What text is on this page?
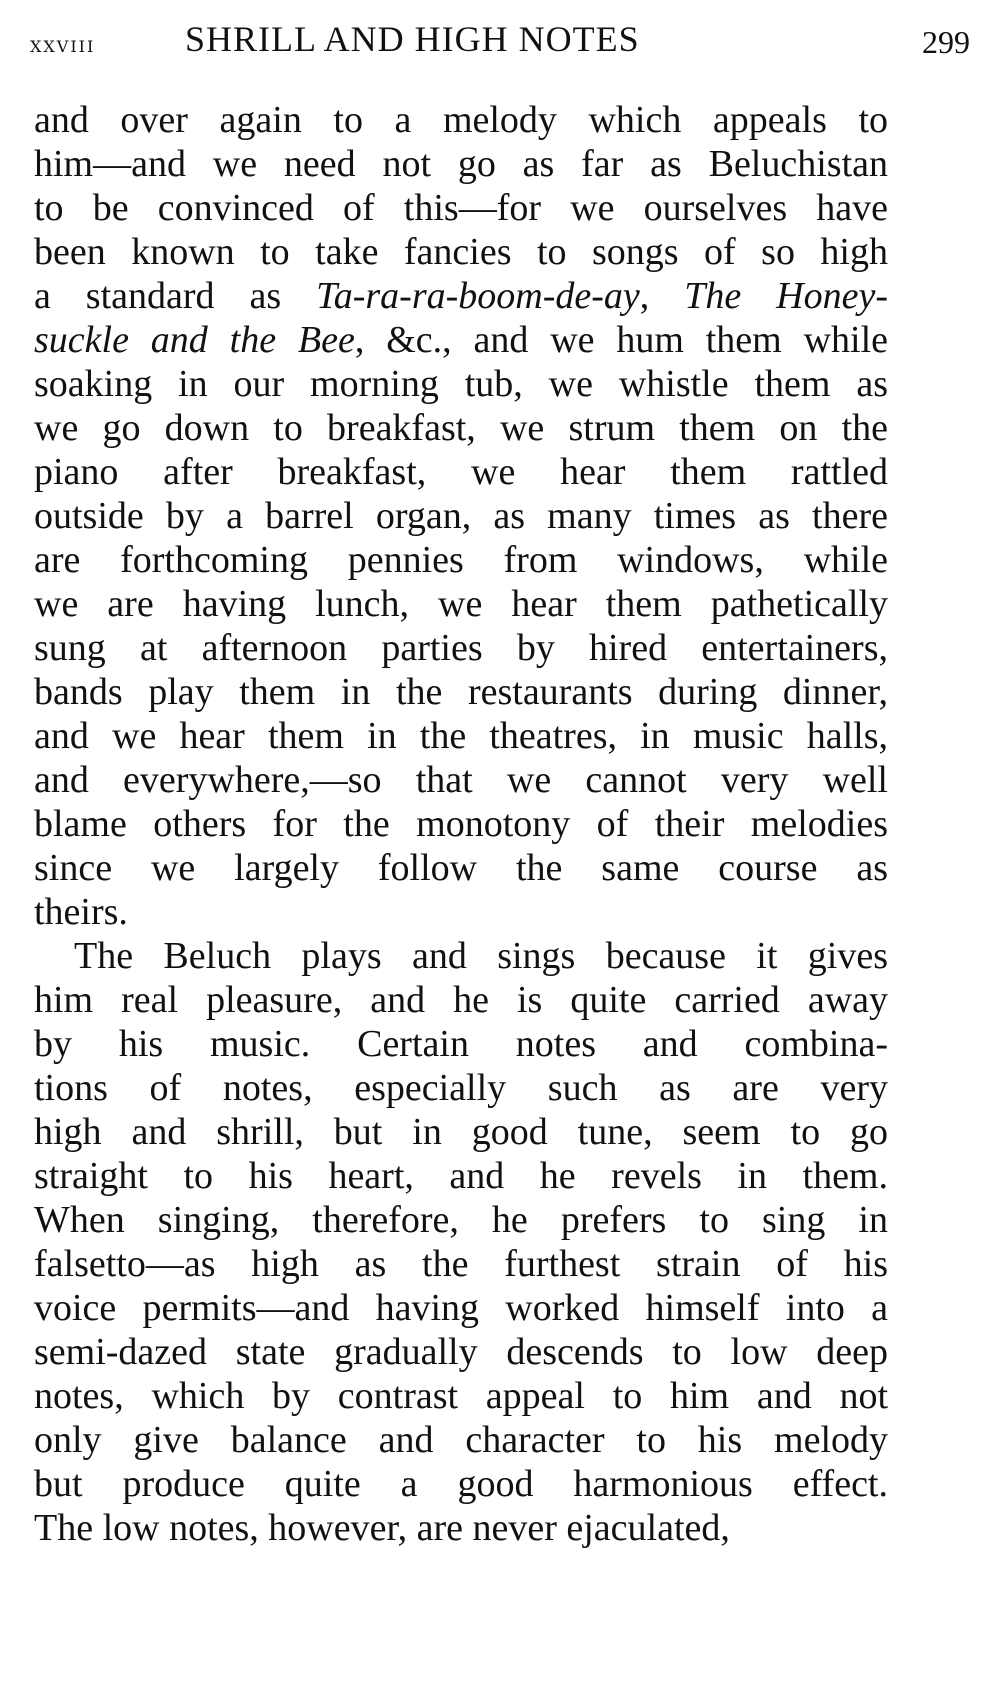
xxviii SHRILL AND HIGH NOTES	299
and over again to a melody which appeals to
him—and we need not go as far as Beluchistan
to be convinced of this—for we ourselves have
been known to take fancies to songs of so high
a standard as Ta-ra-ra-boom-de-ay, The Honey-
suckle and the Bee, &c., and we hum them while
soaking in our morning tub, we whistle them as
we go down to breakfast, we strum them on the
piano after breakfast, we hear them rattled
outside by a barrel organ, as many times as there
are forthcoming pennies from windows, while
we are having lunch, we hear them pathetically
sung at afternoon parties by hired entertainers,
bands play them in the restaurants during dinner,
and we hear them in the theatres, in music halls,
and everywhere,—so that we cannot very well
blame others for the monotony of their melodies
since we largely follow the same course as
theirs.
The Beluch plays and sings because it gives
him real pleasure, and he is quite carried away
by his music. Certain notes and combina-
tions of notes, especially such as are very
high and shrill, but in good tune, seem to go
straight to his heart, and he revels in them.
When singing, therefore, he prefers to sing in
falsetto—as high as the furthest strain of his
voice permits—and having worked himself into a
semi-dazed state gradually descends to low deep
notes, which by contrast appeal to him and not
only give balance and character to his melody
but produce quite a good harmonious effect.
The low notes, however, are never ejaculated,
